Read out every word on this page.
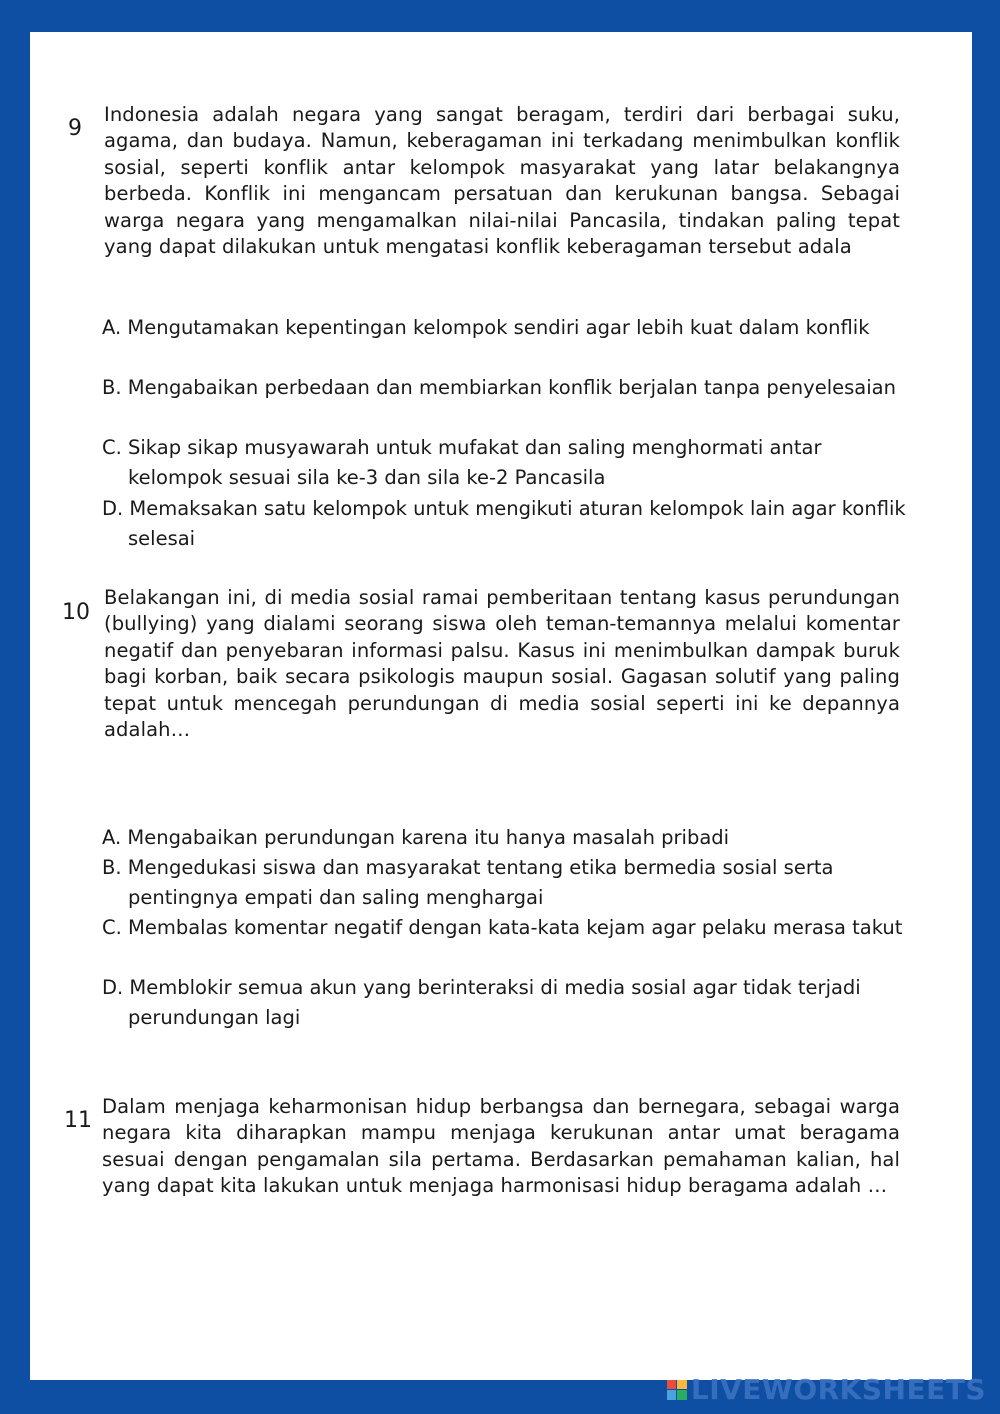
9
Indonesia adalah negara yang sangat beragam, terdiri dari berbagai suku, agama, dan budaya. Namun, keberagaman ini terkadang menimbulkan konflik sosial, seperti konflik antar kelompok masyarakat yang latar belakangnya berbeda. Konflik ini mengancam persatuan dan kerukunan bangsa. Sebagai warga negara yang mengamalkan nilai-nilai Pancasila, tindakan paling tepat yang dapat dilakukan untuk mengatasi konflik keberagaman tersebut adala
A. Mengutamakan kepentingan kelompok sendiri agar lebih kuat dalam konflik
B. Mengabaikan perbedaan dan membiarkan konflik berjalan tanpa penyelesaian
C. Sikap sikap musyawarah untuk mufakat dan saling menghormati antar kelompok sesuai sila ke-3 dan sila ke-2 Pancasila
D. Memaksakan satu kelompok untuk mengikuti aturan kelompok lain agar konflik selesai
10
Belakangan ini, di media sosial ramai pemberitaan tentang kasus perundungan (bullying) yang dialami seorang siswa oleh teman-temannya melalui komentar negatif dan penyebaran informasi palsu. Kasus ini menimbulkan dampak buruk bagi korban, baik secara psikologis maupun sosial. Gagasan solutif yang paling tepat untuk mencegah perundungan di media sosial seperti ini ke depannya adalah…
A. Mengabaikan perundungan karena itu hanya masalah pribadi
B. Mengedukasi siswa dan masyarakat tentang etika bermedia sosial serta pentingnya empati dan saling menghargai
C. Membalas komentar negatif dengan kata-kata kejam agar pelaku merasa takut
D. Memblokir semua akun yang berinteraksi di media sosial agar tidak terjadi perundungan lagi
11
Dalam menjaga keharmonisan hidup berbangsa dan bernegara, sebagai warga negara kita diharapkan mampu menjaga kerukunan antar umat beragama sesuai dengan pengamalan sila pertama. Berdasarkan pemahaman kalian, hal yang dapat kita lakukan untuk menjaga harmonisasi hidup beragama adalah …
LIVEWORKSHEETS
